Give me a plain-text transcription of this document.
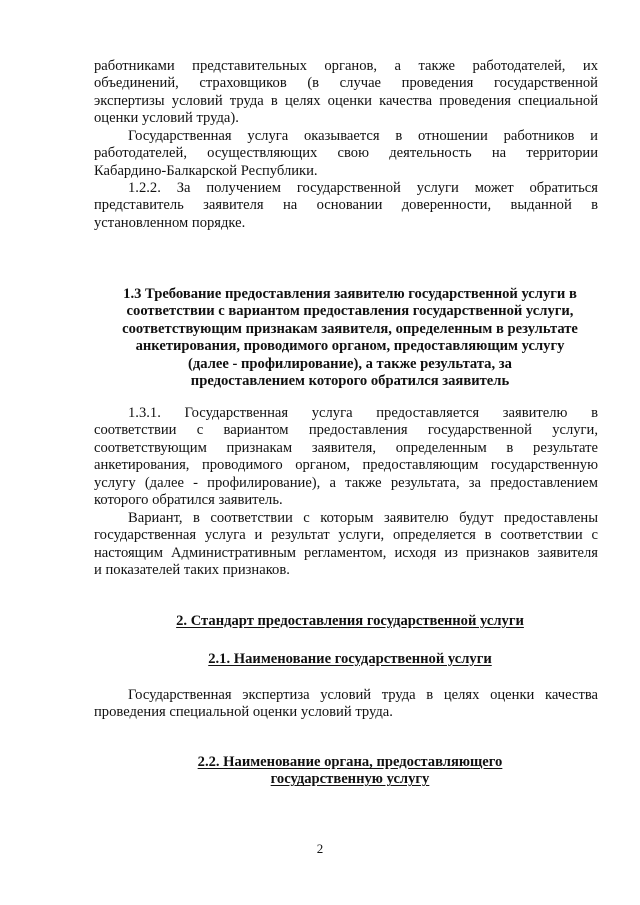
работниками представительных органов, а также работодателей, их
объединений, страховщиков (в случае проведения государственной
экспертизы условий труда в целях оценки качества проведения специальной
оценки условий труда).
Государственная услуга оказывается в отношении работников и
работодателей, осуществляющих свою деятельность на территории
Кабардино-Балкарской Республики.
1.2.2. За получением государственной услуги может обратиться
представитель заявителя на основании доверенности, выданной в
установленном порядке.
1.3 Требование предоставления заявителю государственной услуги в
соответствии с вариантом предоставления государственной услуги,
соответствующим признакам заявителя, определенным в результате
анкетирования, проводимого органом, предоставляющим услугу
(далее - профилирование), а также результата, за
предоставлением которого обратился заявитель
1.3.1. Государственная услуга предоставляется заявителю в
соответствии с вариантом предоставления государственной услуги,
соответствующим признакам заявителя, определенным в результате
анкетирования, проводимого органом, предоставляющим государственную
услугу (далее - профилирование), а также результата, за предоставлением
которого обратился заявитель.
Вариант, в соответствии с которым заявителю будут предоставлены
государственная услуга и результат услуги, определяется в соответствии с
настоящим Административным регламентом, исходя из признаков заявителя
и показателей таких признаков.
2. Стандарт предоставления государственной услуги
2.1. Наименование государственной услуги
Государственная экспертиза условий труда в целях оценки качества
проведения специальной оценки условий труда.
2.2. Наименование органа, предоставляющего
государственную услугу
2
